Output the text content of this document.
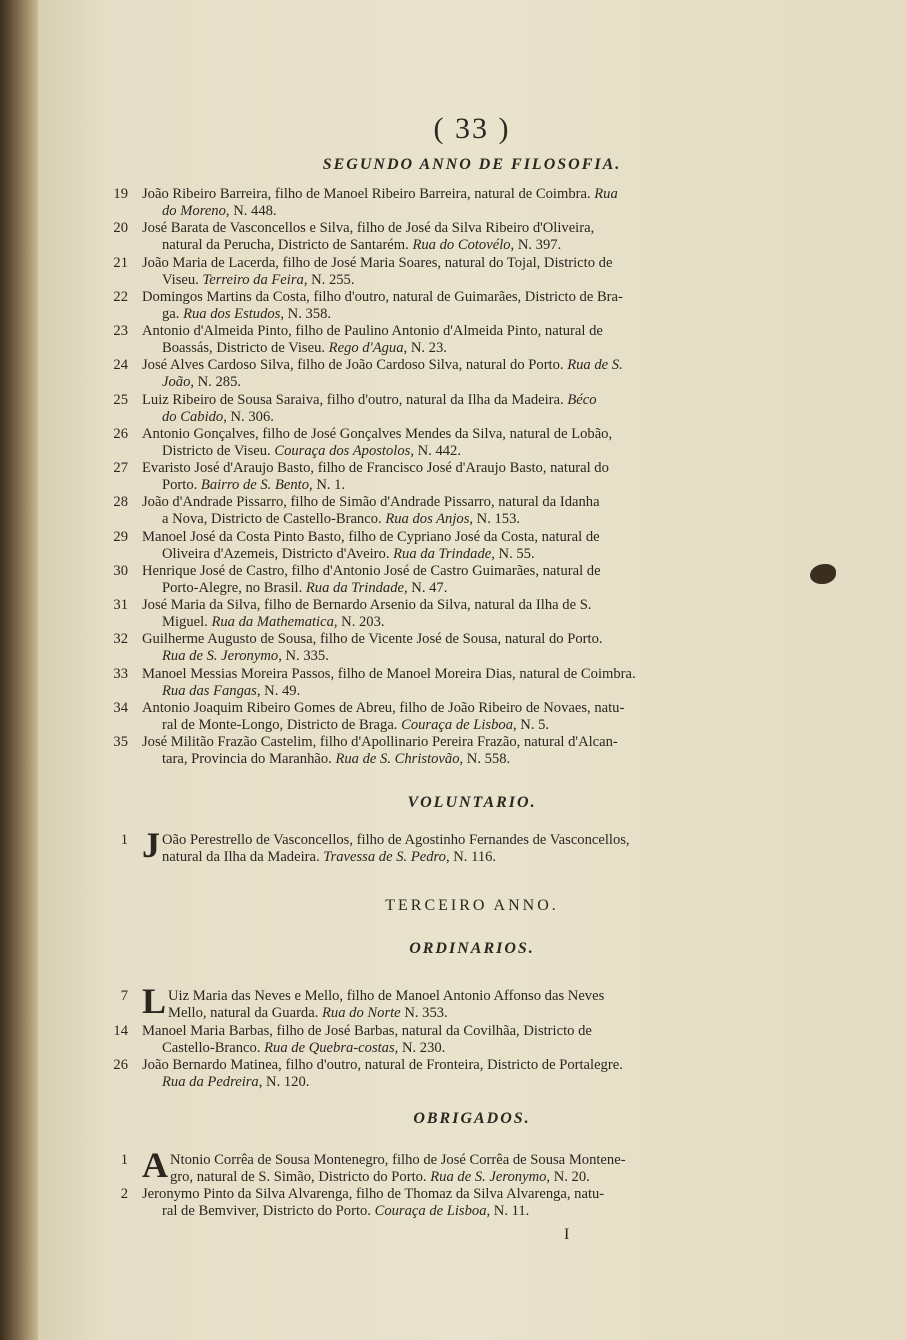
( 33 )
SEGUNDO ANNO DE FILOSOFIA.
19 João Ribeiro Barreira, filho de Manoel Ribeiro Barreira, natural de Coimbra. Rua
do Moreno, N. 448.
20 José Barata de Vasconcellos e Silva, filho de José da Silva Ribeiro d'Oliveira,
natural da Perucha, Districto de Santarém. Rua do Cotovélo, N. 397.
21 João Maria de Lacerda, filho de José Maria Soares, natural do Tojal, Districto de
Viseu. Terreiro da Feira, N. 255.
22 Domingos Martins da Costa, filho d'outro, natural de Guimarães, Districto de Bra-
ga. Rua dos Estudos, N. 358.
23 Antonio d'Almeida Pinto, filho de Paulino Antonio d'Almeida Pinto, natural de
Boassás, Districto de Viseu. Rego d'Agua, N. 23.
24 José Alves Cardoso Silva, filho de João Cardoso Silva, natural do Porto. Rua de S.
João, N. 285.
25 Luiz Ribeiro de Sousa Saraiva, filho d'outro, natural da Ilha da Madeira. Béco
do Cabido, N. 306.
26 Antonio Gonçalves, filho de José Gonçalves Mendes da Silva, natural de Lobão,
Districto de Viseu. Couraça dos Apostolos, N. 442.
27 Evaristo José d'Araujo Basto, filho de Francisco José d'Araujo Basto, natural do
Porto. Bairro de S. Bento, N. 1.
28 João d'Andrade Pissarro, filho de Simão d'Andrade Pissarro, natural da Idanha
a Nova, Districto de Castello-Branco. Rua dos Anjos, N. 153.
29 Manoel José da Costa Pinto Basto, filho de Cypriano José da Costa, natural de
Oliveira d'Azemeis, Districto d'Aveiro. Rua da Trindade, N. 55.
30 Henrique José de Castro, filho d'Antonio José de Castro Guimarães, natural de
Porto-Alegre, no Brasil. Rua da Trindade, N. 47.
31 José Maria da Silva, filho de Bernardo Arsenio da Silva, natural da Ilha de S.
Miguel. Rua da Mathematica, N. 203.
32 Guilherme Augusto de Sousa, filho de Vicente José de Sousa, natural do Porto.
Rua de S. Jeronymo, N. 335.
33 Manoel Messias Moreira Passos, filho de Manoel Moreira Dias, natural de Coimbra.
Rua das Fangas, N. 49.
34 Antonio Joaquim Ribeiro Gomes de Abreu, filho de João Ribeiro de Novaes, natu-
ral de Monte-Longo, Districto de Braga. Couraça de Lisboa, N. 5.
35 José Militão Frazão Castelim, filho d'Apollinario Pereira Frazão, natural d'Alcan-
tara, Provincia do Maranhão. Rua de S. Christovão, N. 558.
VOLUNTARIO.
1 J Oão Perestrello de Vasconcellos, filho de Agostinho Fernandes de Vasconcellos,
natural da Ilha da Madeira. Travessa de S. Pedro, N. 116.
TERCEIRO ANNO.
ORDINARIOS.
7 L Uiz Maria das Neves e Mello, filho de Manoel Antonio Affonso das Neves
Mello, natural da Guarda. Rua do Norte N. 353.
14 Manoel Maria Barbas, filho de José Barbas, natural da Covilhãa, Districto de
Castello-Branco. Rua de Quebra-costas, N. 230.
26 João Bernardo Matinea, filho d'outro, natural de Fronteira, Districto de Portalegre.
Rua da Pedreira, N. 120.
OBRIGADOS.
1 A Ntonio Corrêa de Sousa Montenegro, filho de José Corrêa de Sousa Montene-
gro, natural de S. Simão, Districto do Porto. Rua de S. Jeronymo, N. 20.
2 Jeronymo Pinto da Silva Alvarenga, filho de Thomaz da Silva Alvarenga, natu-
ral de Bemviver, Districto do Porto. Couraça de Lisboa, N. 11.
I
